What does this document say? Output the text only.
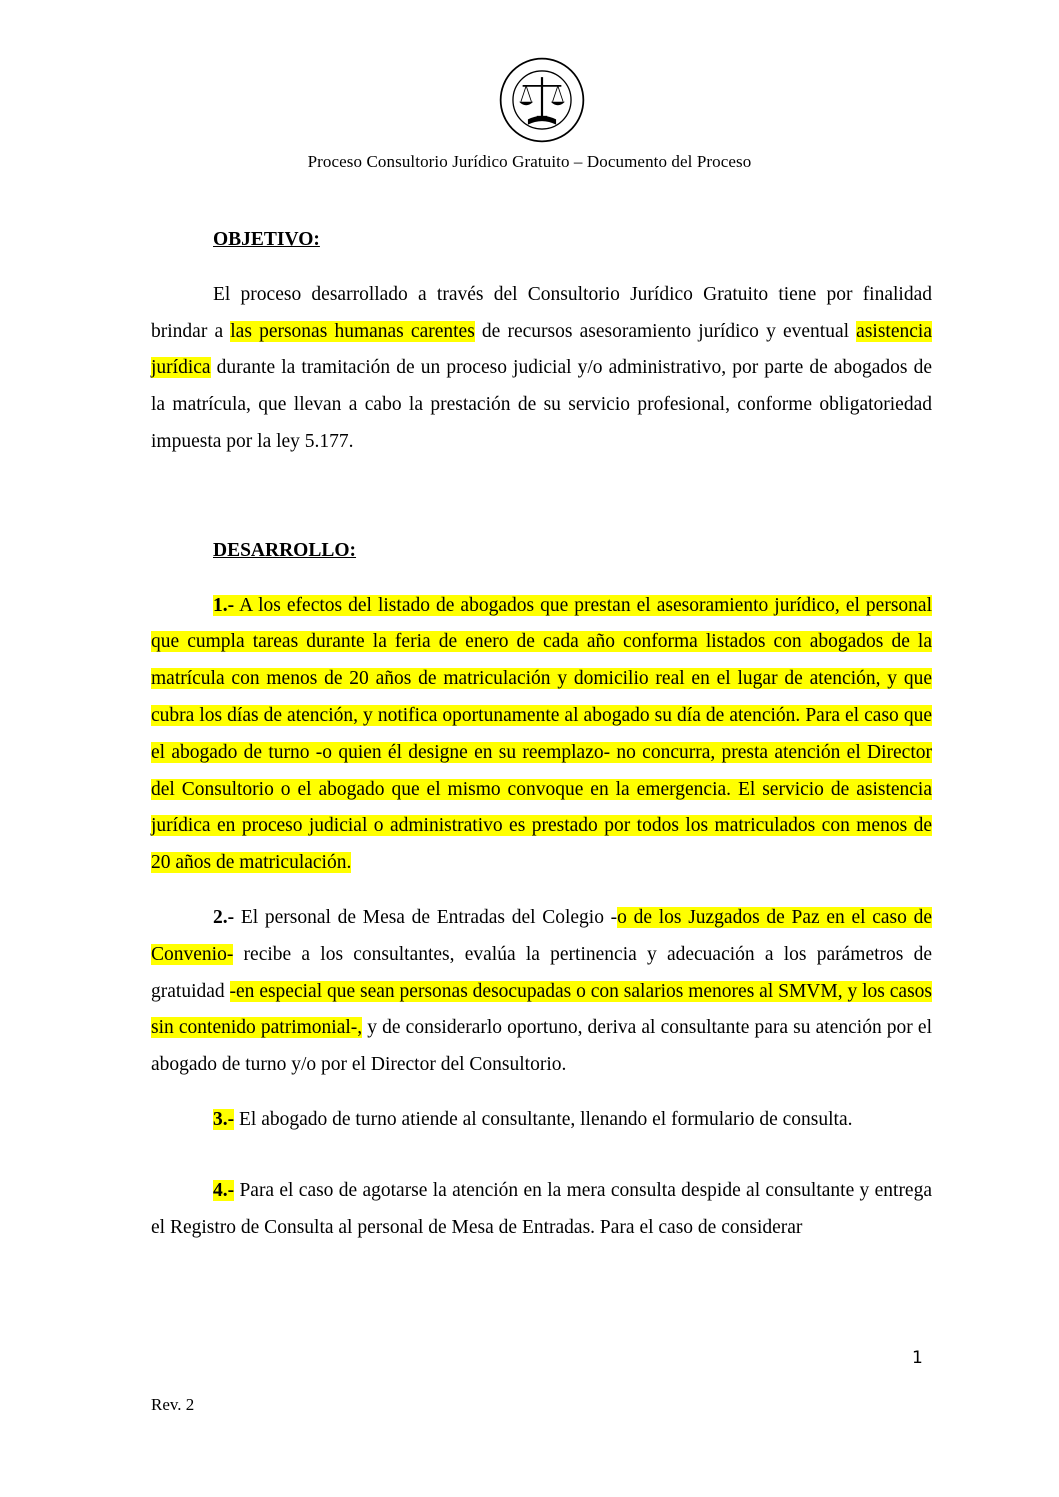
Proceso Consultorio Jurídico Gratuito – Documento del Proceso

OBJETIVO:

El proceso desarrollado a través del Consultorio Jurídico Gratuito tiene por finalidad brindar a las personas humanas carentes de recursos asesoramiento jurídico y eventual asistencia jurídica durante la tramitación de un proceso judicial y/o administrativo, por parte de abogados de la matrícula, que llevan a cabo la prestación de su servicio profesional, conforme obligatoriedad impuesta por la ley 5.177.

DESARROLLO:

1.- A los efectos del listado de abogados que prestan el asesoramiento jurídico, el personal que cumpla tareas durante la feria de enero de cada año conforma listados con abogados de la matrícula con menos de 20 años de matriculación y domicilio real en el lugar de atención, y que cubra los días de atención, y notifica oportunamente al abogado su día de atención. Para el caso que el abogado de turno -o quien él designe en su reemplazo- no concurra, presta atención el Director del Consultorio o el abogado que el mismo convoque en la emergencia. El servicio de asistencia jurídica en proceso judicial o administrativo es prestado por todos los matriculados con menos de 20 años de matriculación.

2.- El personal de Mesa de Entradas del Colegio -o de los Juzgados de Paz en el caso de Convenio- recibe a los consultantes, evalúa la pertinencia y adecuación a los parámetros de gratuidad -en especial que sean personas desocupadas o con salarios menores al SMVM, y los casos sin contenido patrimonial-, y de considerarlo oportuno, deriva al consultante para su atención por el abogado de turno y/o por el Director del Consultorio.

3.- El abogado de turno atiende al consultante, llenando el formulario de consulta.

4.- Para el caso de agotarse la atención en la mera consulta despide al consultante y entrega el Registro de Consulta al personal de Mesa de Entradas. Para el caso de considerar

1
Rev. 2
